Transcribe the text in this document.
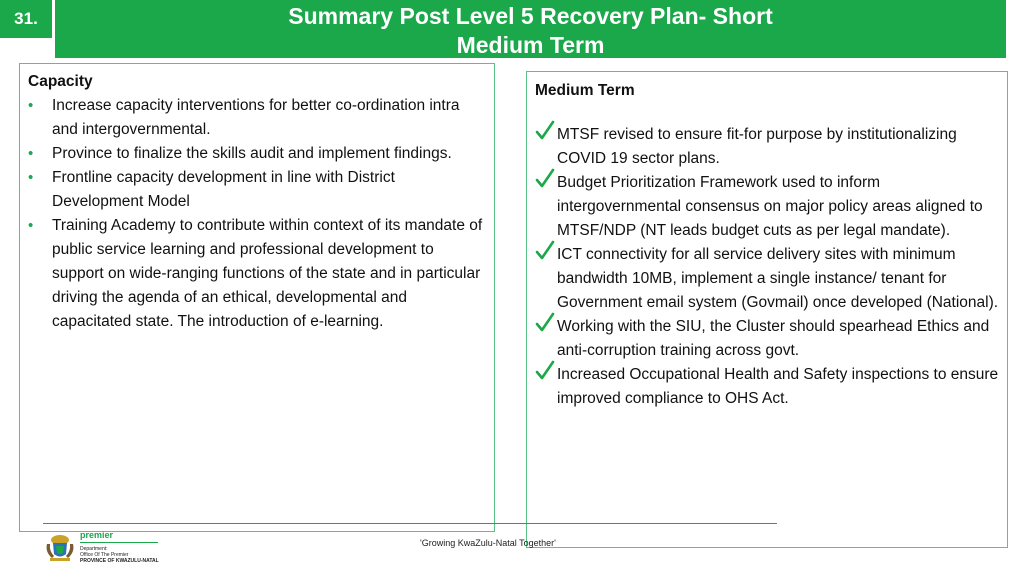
31.	Summary Post Level 5 Recovery Plan- Short
Medium Term
Capacity
• Increase capacity interventions for better co-ordination intra and intergovernmental.
• Province to finalize the skills audit and implement findings.
• Frontline capacity development in line with District Development Model
• Training Academy to contribute within context of its mandate of public service learning and professional development to support on wide-ranging functions of the state and in particular driving the agenda of an ethical, developmental and capacitated state. The introduction of e-learning.
Medium Term
MTSF revised to ensure fit-for purpose by institutionalizing COVID 19 sector plans.
Budget Prioritization Framework used to inform intergovernmental consensus on major policy areas aligned to MTSF/NDP (NT leads budget cuts as per legal mandate).
ICT connectivity for all service delivery sites with minimum bandwidth 10MB, implement a single instance/ tenant for Government email system (Govmail) once developed (National).
Working with the SIU, the Cluster should spearhead Ethics and anti-corruption training across govt.
Increased Occupational Health and Safety inspections to ensure improved compliance to OHS Act.
premier
Department:
Office Of The Premier
PROVINCE OF KWAZULU-NATAL
'Growing KwaZulu-Natal Together'
